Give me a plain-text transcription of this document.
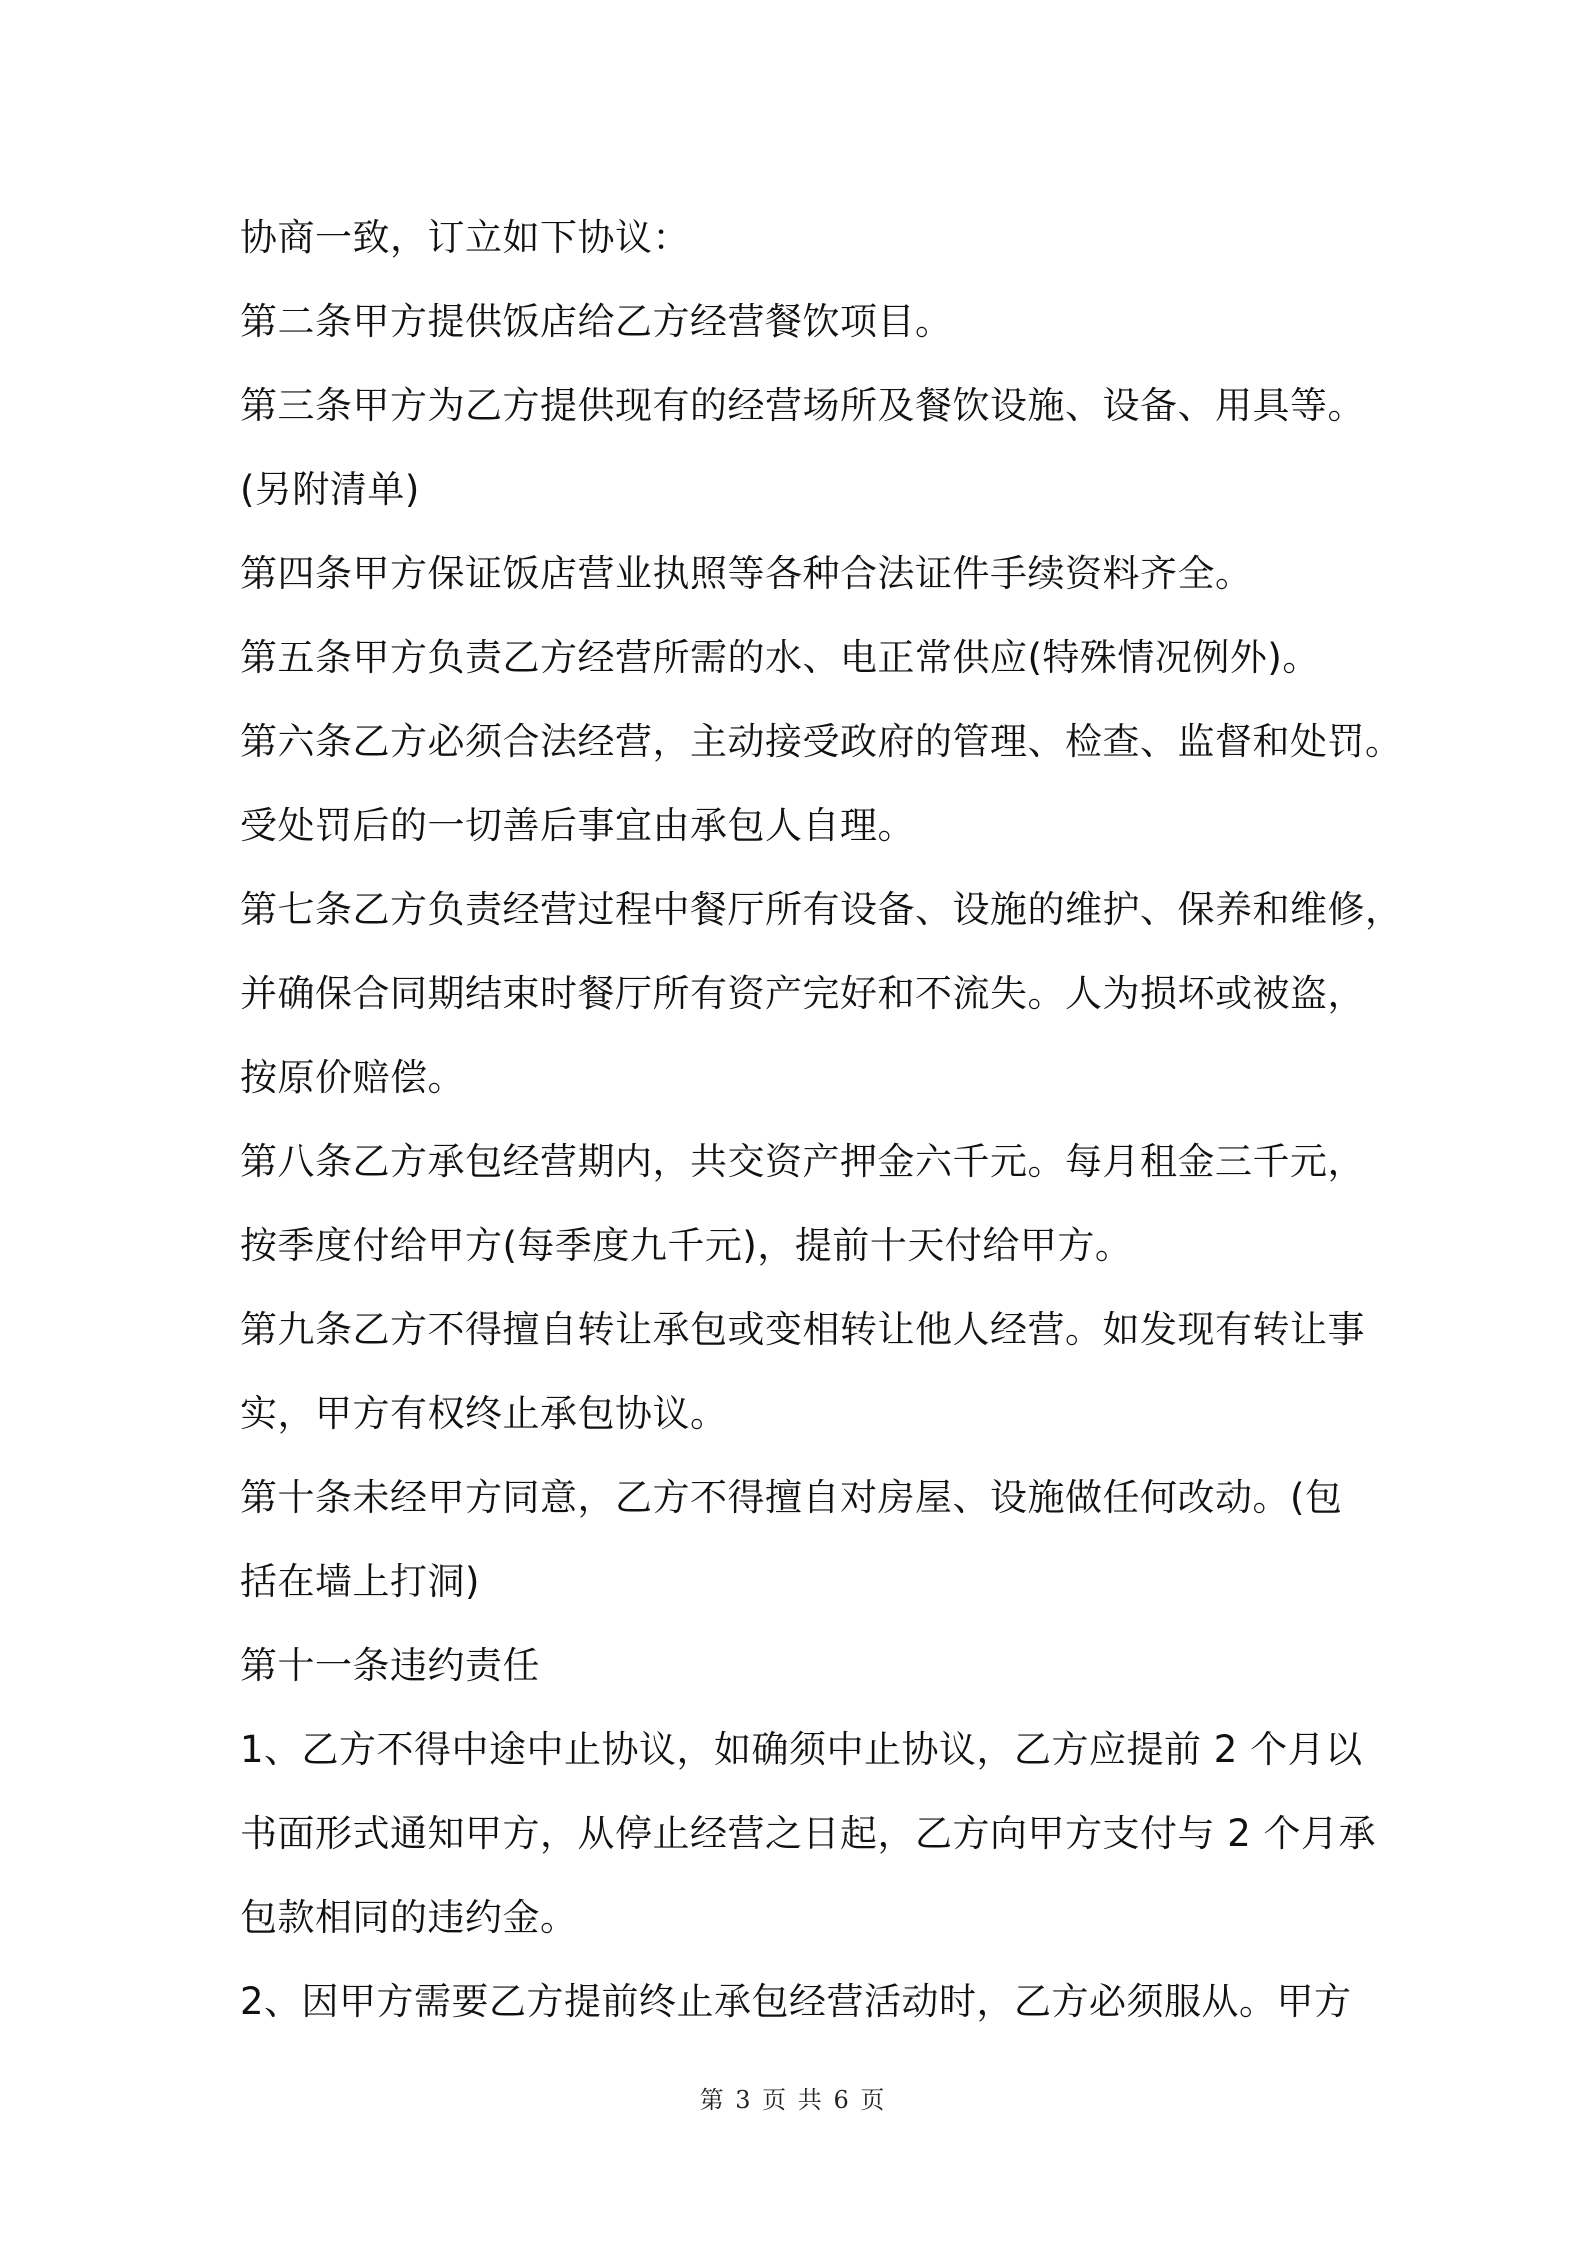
协商一致，订立如下协议：
第二条甲方提供饭店给乙方经营餐饮项目。
第三条甲方为乙方提供现有的经营场所及餐饮设施、设备、用具等。
(另附清单)
第四条甲方保证饭店营业执照等各种合法证件手续资料齐全。
第五条甲方负责乙方经营所需的水、电正常供应(特殊情况例外)。
第六条乙方必须合法经营，主动接受政府的管理、检查、监督和处罚。
受处罚后的一切善后事宜由承包人自理。
第七条乙方负责经营过程中餐厅所有设备、设施的维护、保养和维修，
并确保合同期结束时餐厅所有资产完好和不流失。人为损坏或被盗，
按原价赔偿。
第八条乙方承包经营期内，共交资产押金六千元。每月租金三千元，
按季度付给甲方(每季度九千元)，提前十天付给甲方。
第九条乙方不得擅自转让承包或变相转让他人经营。如发现有转让事
实，甲方有权终止承包协议。
第十条未经甲方同意，乙方不得擅自对房屋、设施做任何改动。(包
括在墙上打洞)
第十一条违约责任
1、乙方不得中途中止协议，如确须中止协议，乙方应提前 2 个月以
书面形式通知甲方，从停止经营之日起，乙方向甲方支付与 2 个月承
包款相同的违约金。
2、因甲方需要乙方提前终止承包经营活动时，乙方必须服从。甲方
第 3 页 共 6 页
